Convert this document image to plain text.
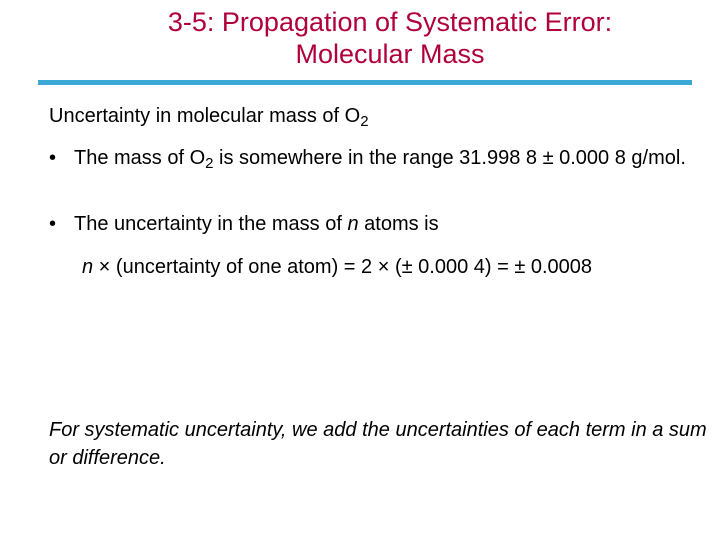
3-5: Propagation of Systematic Error:
Molecular Mass
Uncertainty in molecular mass of $O_2$
• The mass of $O_2$ is somewhere in the range 31.998 8 ± 0.000 8 g/mol.
• The uncertainty in the mass of n atoms is
n × (uncertainty of one atom) = 2 × (± 0.000 4) = ± 0.0008
For systematic uncertainty, we add the uncertainties of each term in a sum or difference.
